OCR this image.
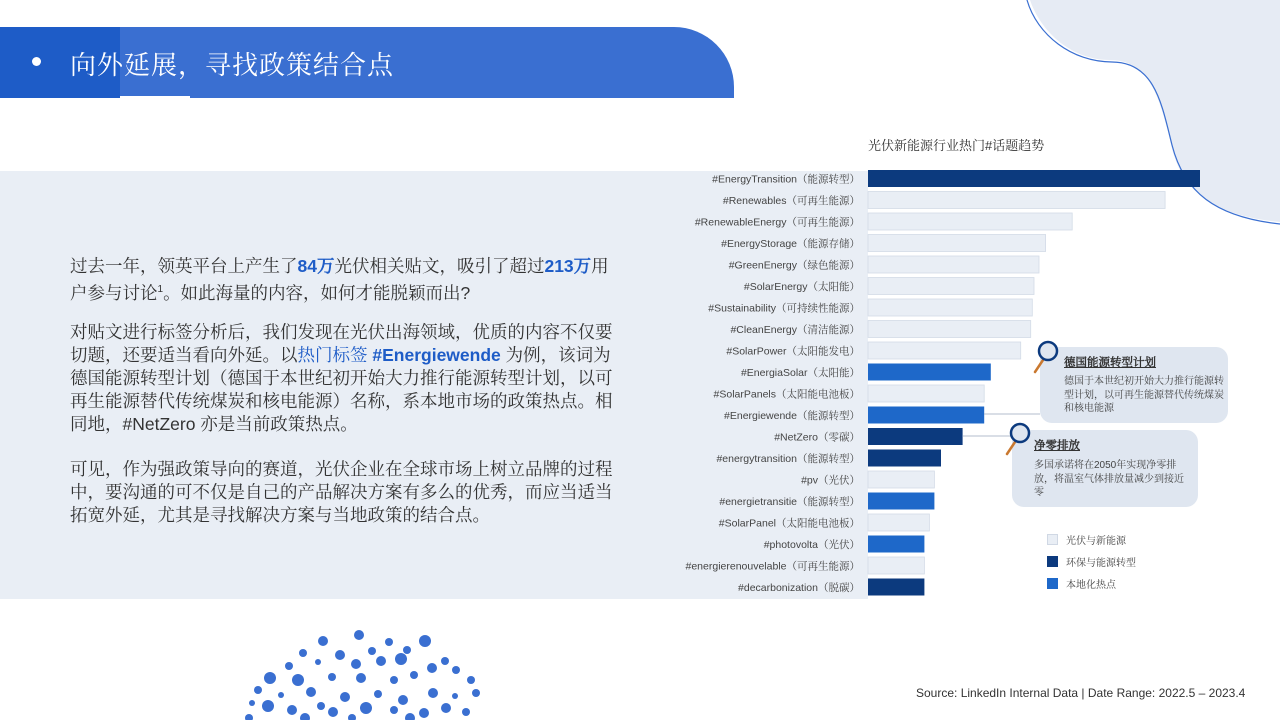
向外延展，寻找政策结合点
过去一年，领英平台上产生了84万光伏相关贴文，吸引了超过213万用户参与讨论$^1$。如此海量的内容，如何才能脱颖而出?
对贴文进行标签分析后，我们发现在光伏出海领域，优质的内容不仅要切题，还要适当看向外延。以热门标签 #Energiewende 为例，该词为德国能源转型计划（德国于本世纪初开始大力推行能源转型计划，以可再生能源替代传统煤炭和核电能源）名称，系本地市场的政策热点。相同地，#NetZero 亦是当前政策热点。
可见，作为强政策导向的赛道，光伏企业在全球市场上树立品牌的过程中，要沟通的可不仅是自己的产品解决方案有多么的优秀，而应当适当拓宽外延，尤其是寻找解决方案与当地政策的结合点。
光伏新能源行业热门#话题趋势
#EnergyTransition（能源转型）
#Renewables（可再生能源）
#RenewableEnergy（可再生能源）
#EnergyStorage（能源存储）
#GreenEnergy（绿色能源）
#SolarEnergy（太阳能）
#Sustainability（可持续性能源）
#CleanEnergy（清洁能源）
#SolarPower（太阳能发电）
#EnergiaSolar（太阳能）
#SolarPanels（太阳能电池板）
#Energiewende（能源转型）
#NetZero（零碳）
#energytransition（能源转型）
#pv（光伏）
#energietransitie（能源转型）
#SolarPanel（太阳能电池板）
#photovolta（光伏）
#energierenouvelable（可再生能源）
#decarbonization（脱碳）
德国能源转型计划
德国于本世纪初开始大力推行能源转型计划，以可再生能源替代传统煤炭和核电能源
净零排放
多国承诺将在2050年实现净零排放，将温室气体排放量减少到接近零
光伏与新能源
环保与能源转型
本地化热点
Source: LinkedIn Internal Data | Date Range: 2022.5 – 2023.4
